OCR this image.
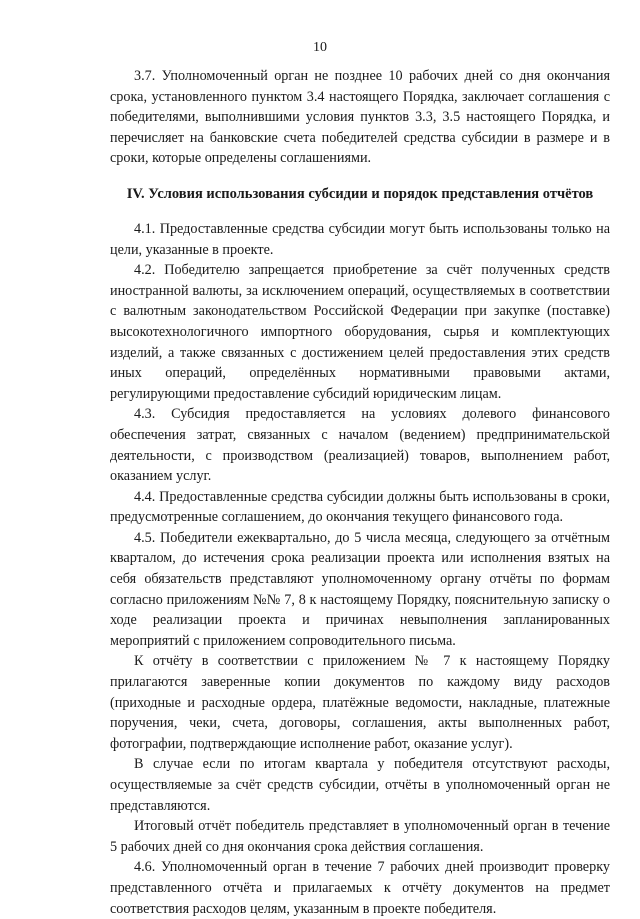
10

3.7. Уполномоченный орган не позднее 10 рабочих дней со дня окончания срока, установленного пунктом 3.4 настоящего Порядка, заключает соглашения с победителями, выполнившими условия пунктов 3.3, 3.5 настоящего Порядка, и перечисляет на банковские счета победителей средства субсидии в размере и в сроки, которые определены соглашениями.

IV. Условия использования субсидии и порядок представления отчётов

4.1. Предоставленные средства субсидии могут быть использованы только на цели, указанные в проекте.

4.2. Победителю запрещается приобретение за счёт полученных средств иностранной валюты, за исключением операций, осуществляемых в соответствии с валютным законодательством Российской Федерации при закупке (поставке) высокотехнологичного импортного оборудования, сырья и комплектующих изделий, а также связанных с достижением целей предоставления этих средств иных операций, определённых нормативными правовыми актами, регулирующими предоставление субсидий юридическим лицам.

4.3. Субсидия предоставляется на условиях долевого финансового обеспечения затрат, связанных с началом (ведением) предпринимательской деятельности, с производством (реализацией) товаров, выполнением работ, оказанием услуг.

4.4. Предоставленные средства субсидии должны быть использованы в сроки, предусмотренные соглашением, до окончания текущего финансового года.

4.5. Победители ежеквартально, до 5 числа месяца, следующего за отчётным кварталом, до истечения срока реализации проекта или исполнения взятых на себя обязательств представляют уполномоченному органу отчёты по формам согласно приложениям №№ 7, 8 к настоящему Порядку, пояснительную записку о ходе реализации проекта и причинах невыполнения запланированных мероприятий с приложением сопроводительного письма.

К отчёту в соответствии с приложением № 7 к настоящему Порядку прилагаются заверенные копии документов по каждому виду расходов (приходные и расходные ордера, платёжные ведомости, накладные, платежные поручения, чеки, счета, договоры, соглашения, акты выполненных работ, фотографии, подтверждающие исполнение работ, оказание услуг).

В случае если по итогам квартала у победителя отсутствуют расходы, осуществляемые за счёт средств субсидии, отчёты в уполномоченный орган не представляются.

Итоговый отчёт победитель представляет в уполномоченный орган в течение 5 рабочих дней со дня окончания срока действия соглашения.

4.6. Уполномоченный орган в течение 7 рабочих дней производит проверку представленного отчёта и прилагаемых к отчёту документов на предмет соответствия расходов целям, указанным в проекте победителя.
